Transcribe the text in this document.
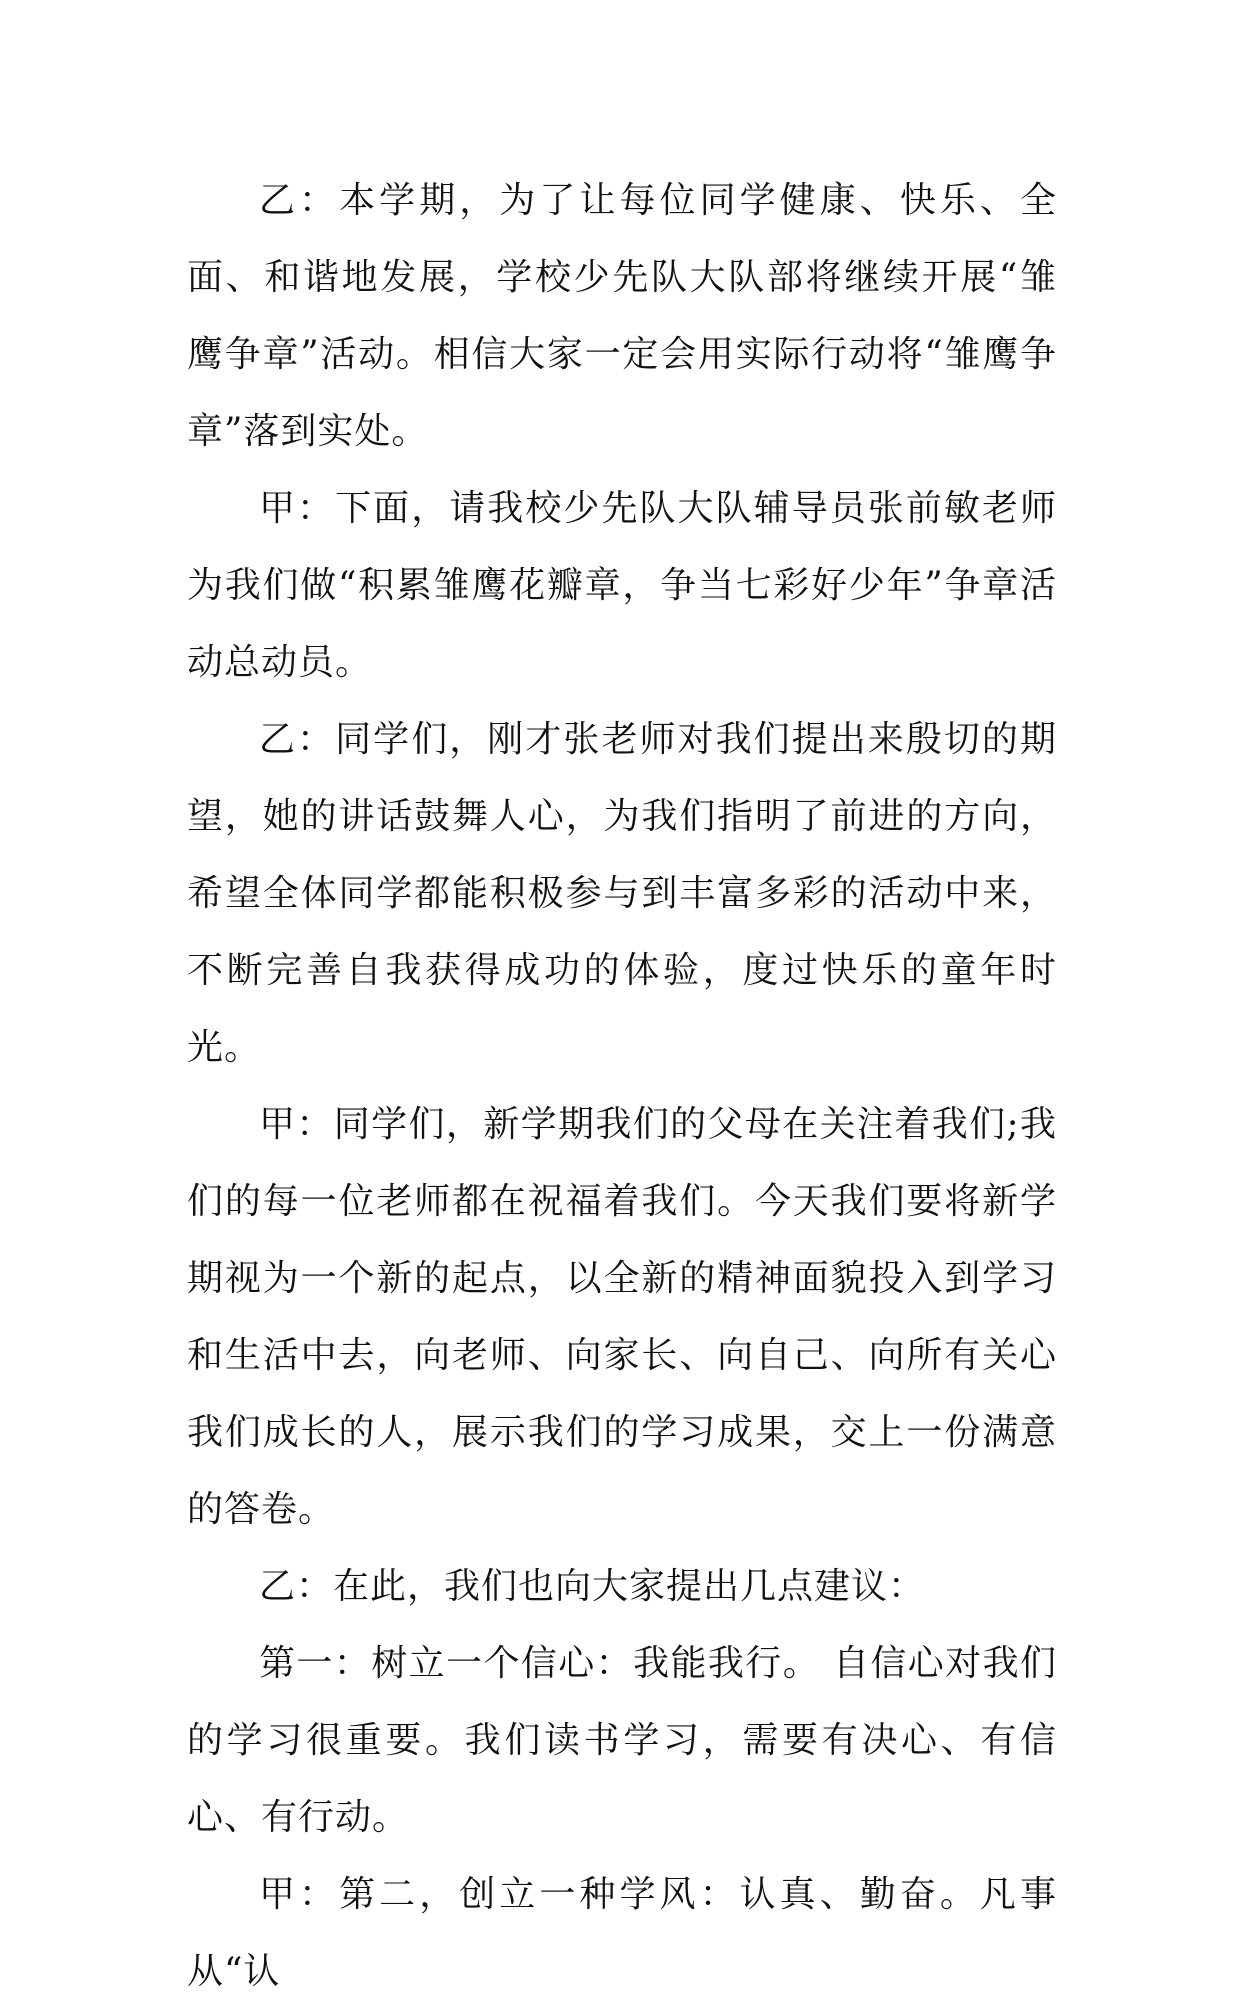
乙：本学期，为了让每位同学健康、快乐、全面、和谐地发展，学校少先队大队部将继续开展“雏鹰争章”活动。相信大家一定会用实际行动将“雏鹰争章”落到实处。

甲：下面，请我校少先队大队辅导员张前敏老师为我们做“积累雏鹰花瓣章，争当七彩好少年”争章活动总动员。

乙：同学们，刚才张老师对我们提出来殷切的期望，她的讲话鼓舞人心，为我们指明了前进的方向，希望全体同学都能积极参与到丰富多彩的活动中来，不断完善自我获得成功的体验，度过快乐的童年时光。

甲：同学们，新学期我们的父母在关注着我们;我们的每一位老师都在祝福着我们。今天我们要将新学期视为一个新的起点，以全新的精神面貌投入到学习和生活中去，向老师、向家长、向自己、向所有关心我们成长的人，展示我们的学习成果，交上一份满意的答卷。

乙：在此，我们也向大家提出几点建议：

第一：树立一个信心：我能我行。 自信心对我们的学习很重要。我们读书学习，需要有决心、有信心、有行动。

甲：第二，创立一种学风：认真、勤奋。凡事从“认
